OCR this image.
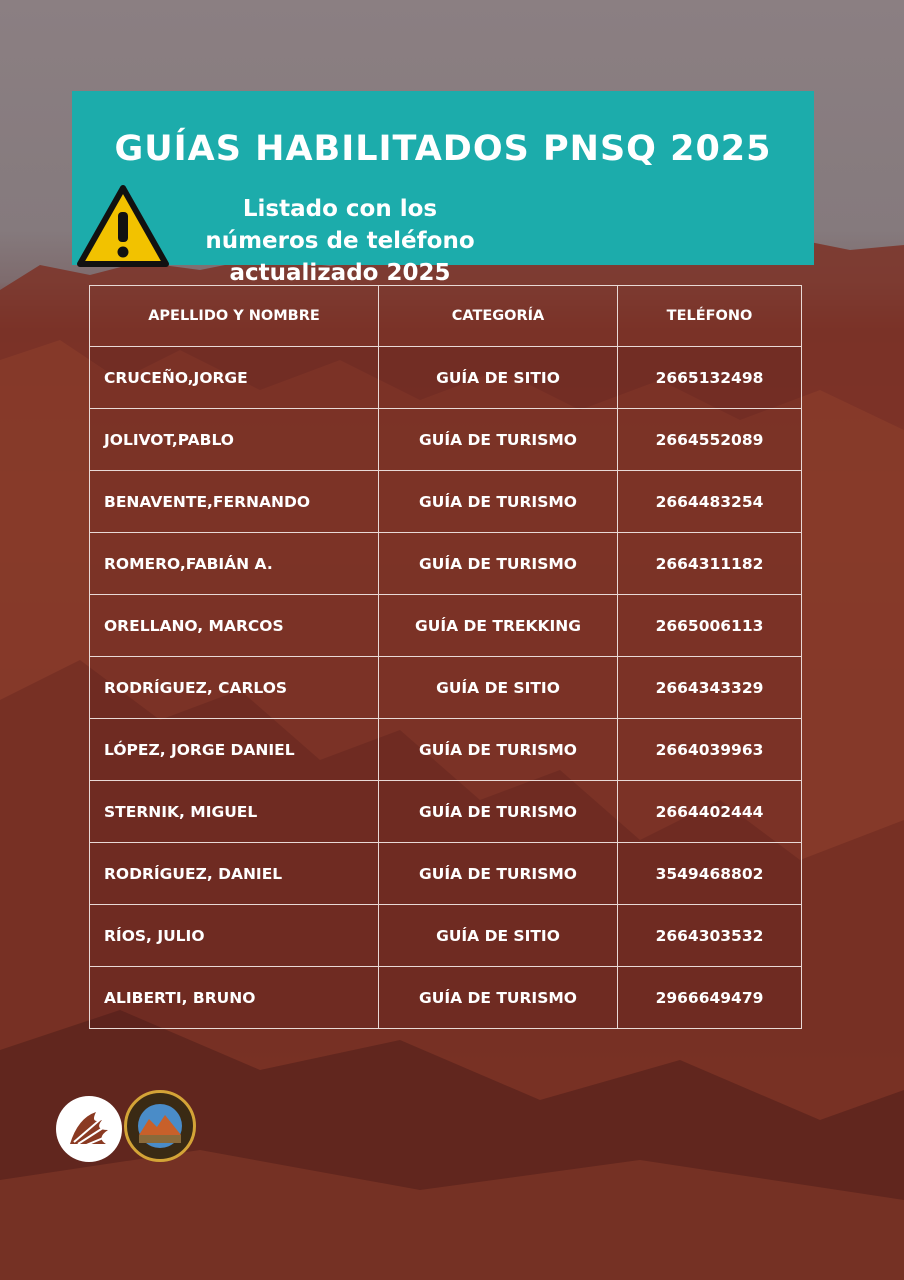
GUÍAS HABILITADOS PNSQ 2025
Listado con los números de teléfono actualizado 2025
APELLIDO Y NOMBRE	CATEGORÍA	TELÉFONO
CRUCEÑO,JORGE	GUÍA DE SITIO	2665132498
JOLIVOT,PABLO	GUÍA DE TURISMO	2664552089
BENAVENTE,FERNANDO	GUÍA DE TURISMO	2664483254
ROMERO,FABIÁN A.	GUÍA DE TURISMO	2664311182
ORELLANO, MARCOS	GUÍA DE TREKKING	2665006113
RODRÍGUEZ, CARLOS	GUÍA DE SITIO	2664343329
LÓPEZ, JORGE DANIEL	GUÍA DE TURISMO	2664039963
STERNIK, MIGUEL	GUÍA DE TURISMO	2664402444
RODRÍGUEZ, DANIEL	GUÍA DE TURISMO	3549468802
RÍOS, JULIO	GUÍA DE SITIO	2664303532
ALIBERTI, BRUNO	GUÍA DE TURISMO	2966649479
